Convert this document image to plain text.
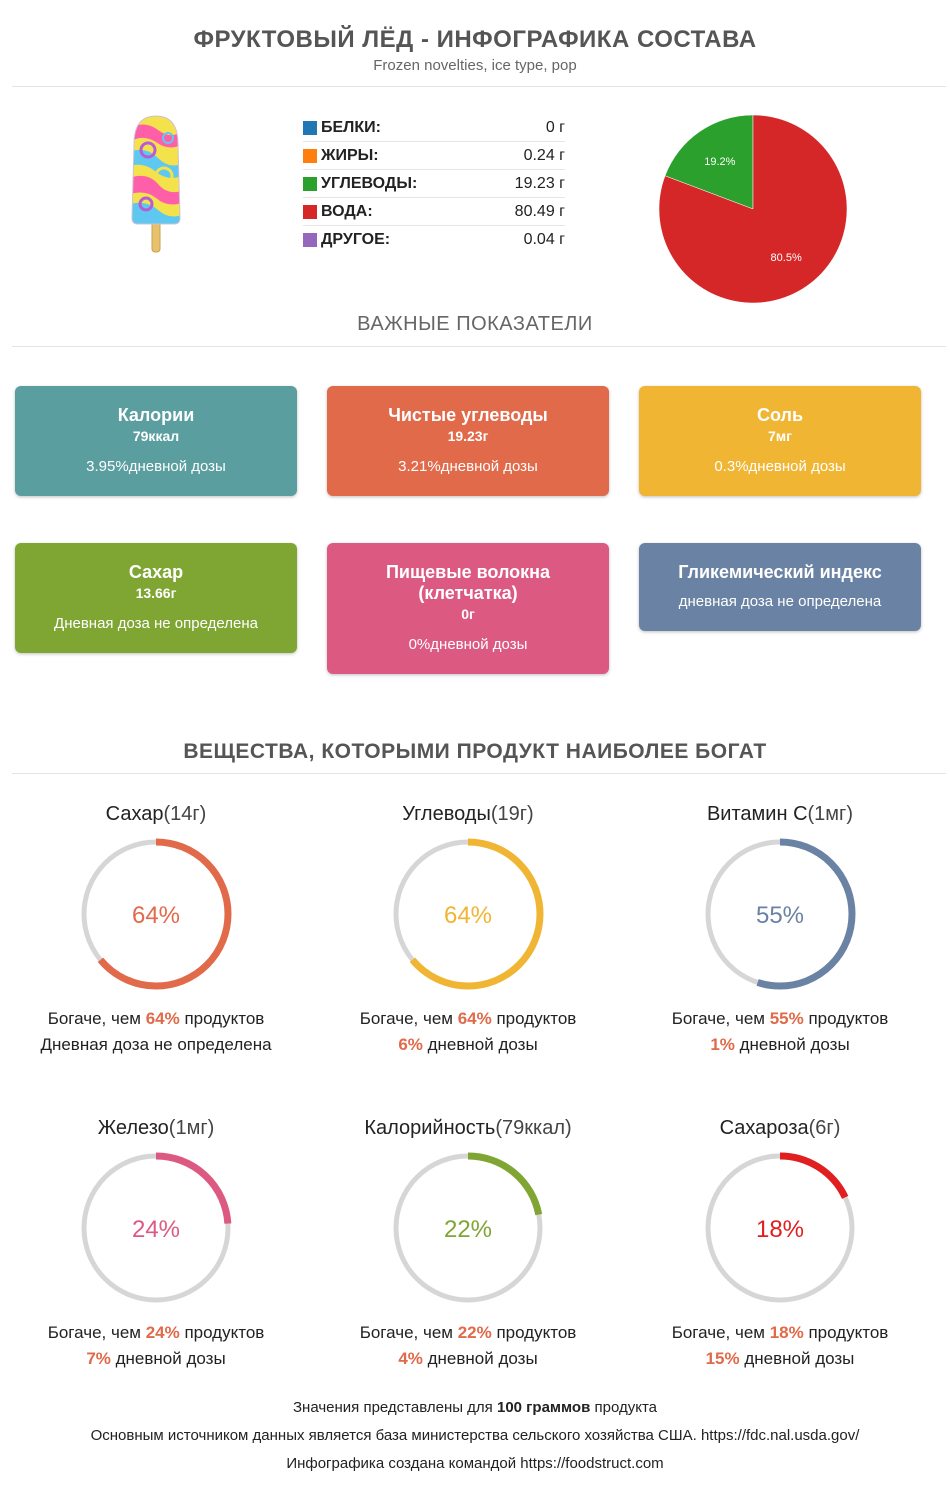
ФРУКТОВЫЙ ЛЁД - ИНФОГРАФИКА СОСТАВА
Frozen novelties, ice type, pop
БЕЛКИ:	0 г
ЖИРЫ:	0.24 г
УГЛЕВОДЫ:	19.23 г
ВОДА:	80.49 г
ДРУГОЕ:	0.04 г
19.2%
80.5%
ВАЖНЫЕ ПОКАЗАТЕЛИ
Калории
79ккал
3.95%дневной дозы
Чистые углеводы
19.23г
3.21%дневной дозы
Соль
7мг
0.3%дневной дозы
Сахар
13.66г
Дневная доза не определена
Пищевые волокна (клетчатка)
0г
0%дневной дозы
Гликемический индекс
дневная доза не определена
ВЕЩЕСТВА, КОТОРЫМИ ПРОДУКТ НАИБОЛЕЕ БОГАТ
Сахар(14г)
64%
Богаче, чем 64% продуктов
Дневная доза не определена
Углеводы(19г)
64%
Богаче, чем 64% продуктов
6% дневной дозы
Витамин C(1мг)
55%
Богаче, чем 55% продуктов
1% дневной дозы
Железо(1мг)
24%
Богаче, чем 24% продуктов
7% дневной дозы
Калорийность(79ккал)
22%
Богаче, чем 22% продуктов
4% дневной дозы
Сахароза(6г)
18%
Богаче, чем 18% продуктов
15% дневной дозы
Значения представлены для 100 граммов продукта
Основным источником данных является база министерства сельского хозяйства США. https://fdc.nal.usda.gov/
Инфографика создана командой https://foodstruct.com
